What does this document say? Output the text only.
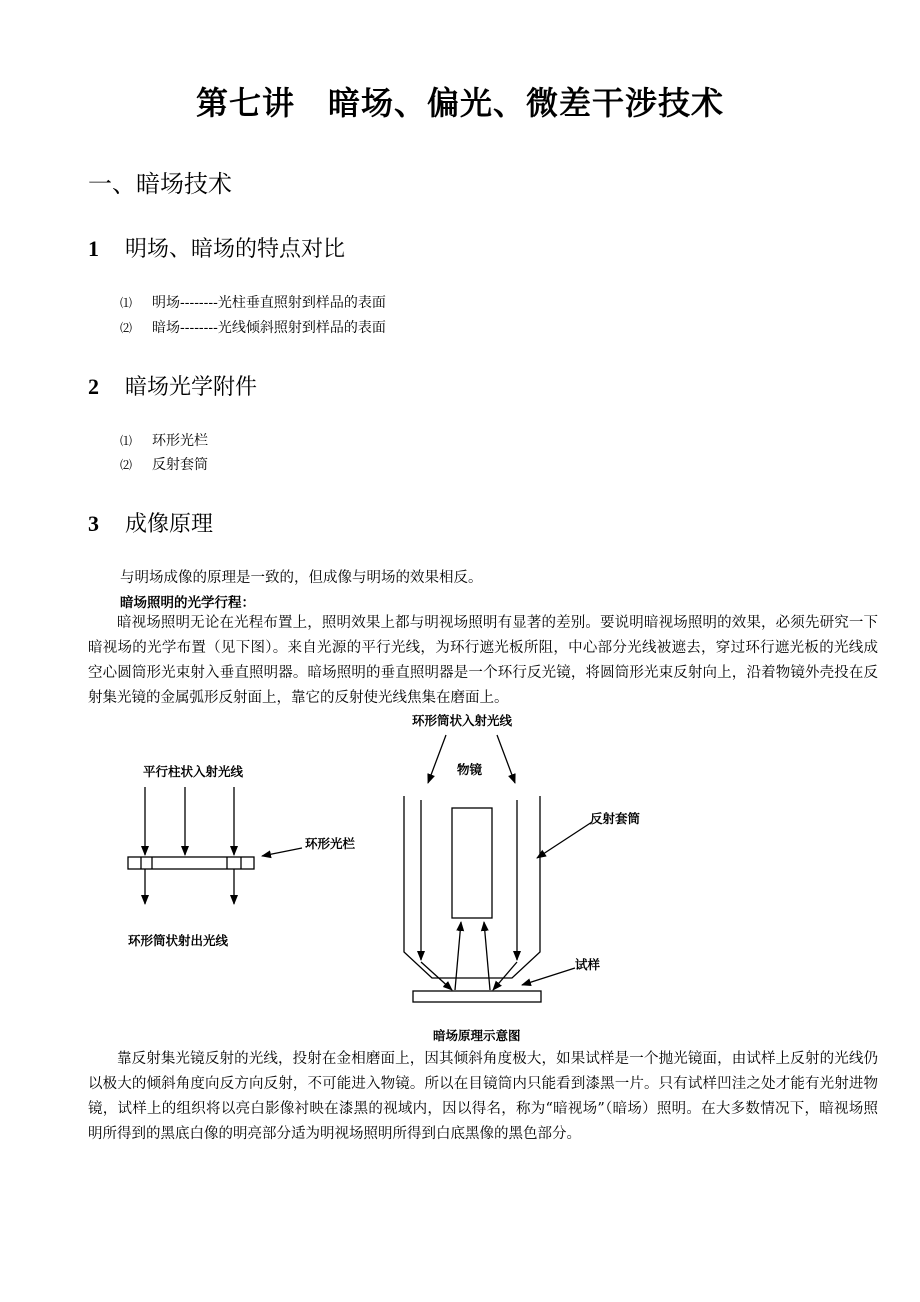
第七讲　暗场、偏光、微差干涉技术
一、暗场技术
1 明场、暗场的特点对比
⑴ 明场--------光柱垂直照射到样品的表面
⑵ 暗场--------光线倾斜照射到样品的表面
2 暗场光学附件
⑴ 环形光栏
⑵ 反射套筒
3 成像原理
与明场成像的原理是一致的，但成像与明场的效果相反。
暗场照明的光学行程：

暗视场照明无论在光程布置上，照明效果上都与明视场照明有显著的差别。要说明暗视场照明的效果，必须先研究一下暗视场的光学布置（见下图）。来自光源的平行光线，为环行遮光板所阻，中心部分光线被遮去，穿过环行遮光板的光线成空心圆筒形光束射入垂直照明器。暗场照明的垂直照明器是一个环行反光镜，将圆筒形光束反射向上，沿着物镜外壳投在反射集光镜的金属弧形反射面上，靠它的反射使光线焦集在磨面上。

环形筒状入射光线
物镜
平行柱状入射光线
反射套筒
环形光栏
环形筒状射出光线
试样
暗场原理示意图

靠反射集光镜反射的光线，投射在金相磨面上，因其倾斜角度极大，如果试样是一个抛光镜面，由试样上反射的光线仍以极大的倾斜角度向反方向反射，不可能进入物镜。所以在目镜筒内只能看到漆黑一片。只有试样凹洼之处才能有光射进物镜，试样上的组织将以亮白影像衬映在漆黑的视域内，因以得名，称为“暗视场”（暗场）照明。在大多数情况下，暗视场照明所得到的黑底白像的明亮部分适为明视场照明所得到白底黑像的黑色部分。
